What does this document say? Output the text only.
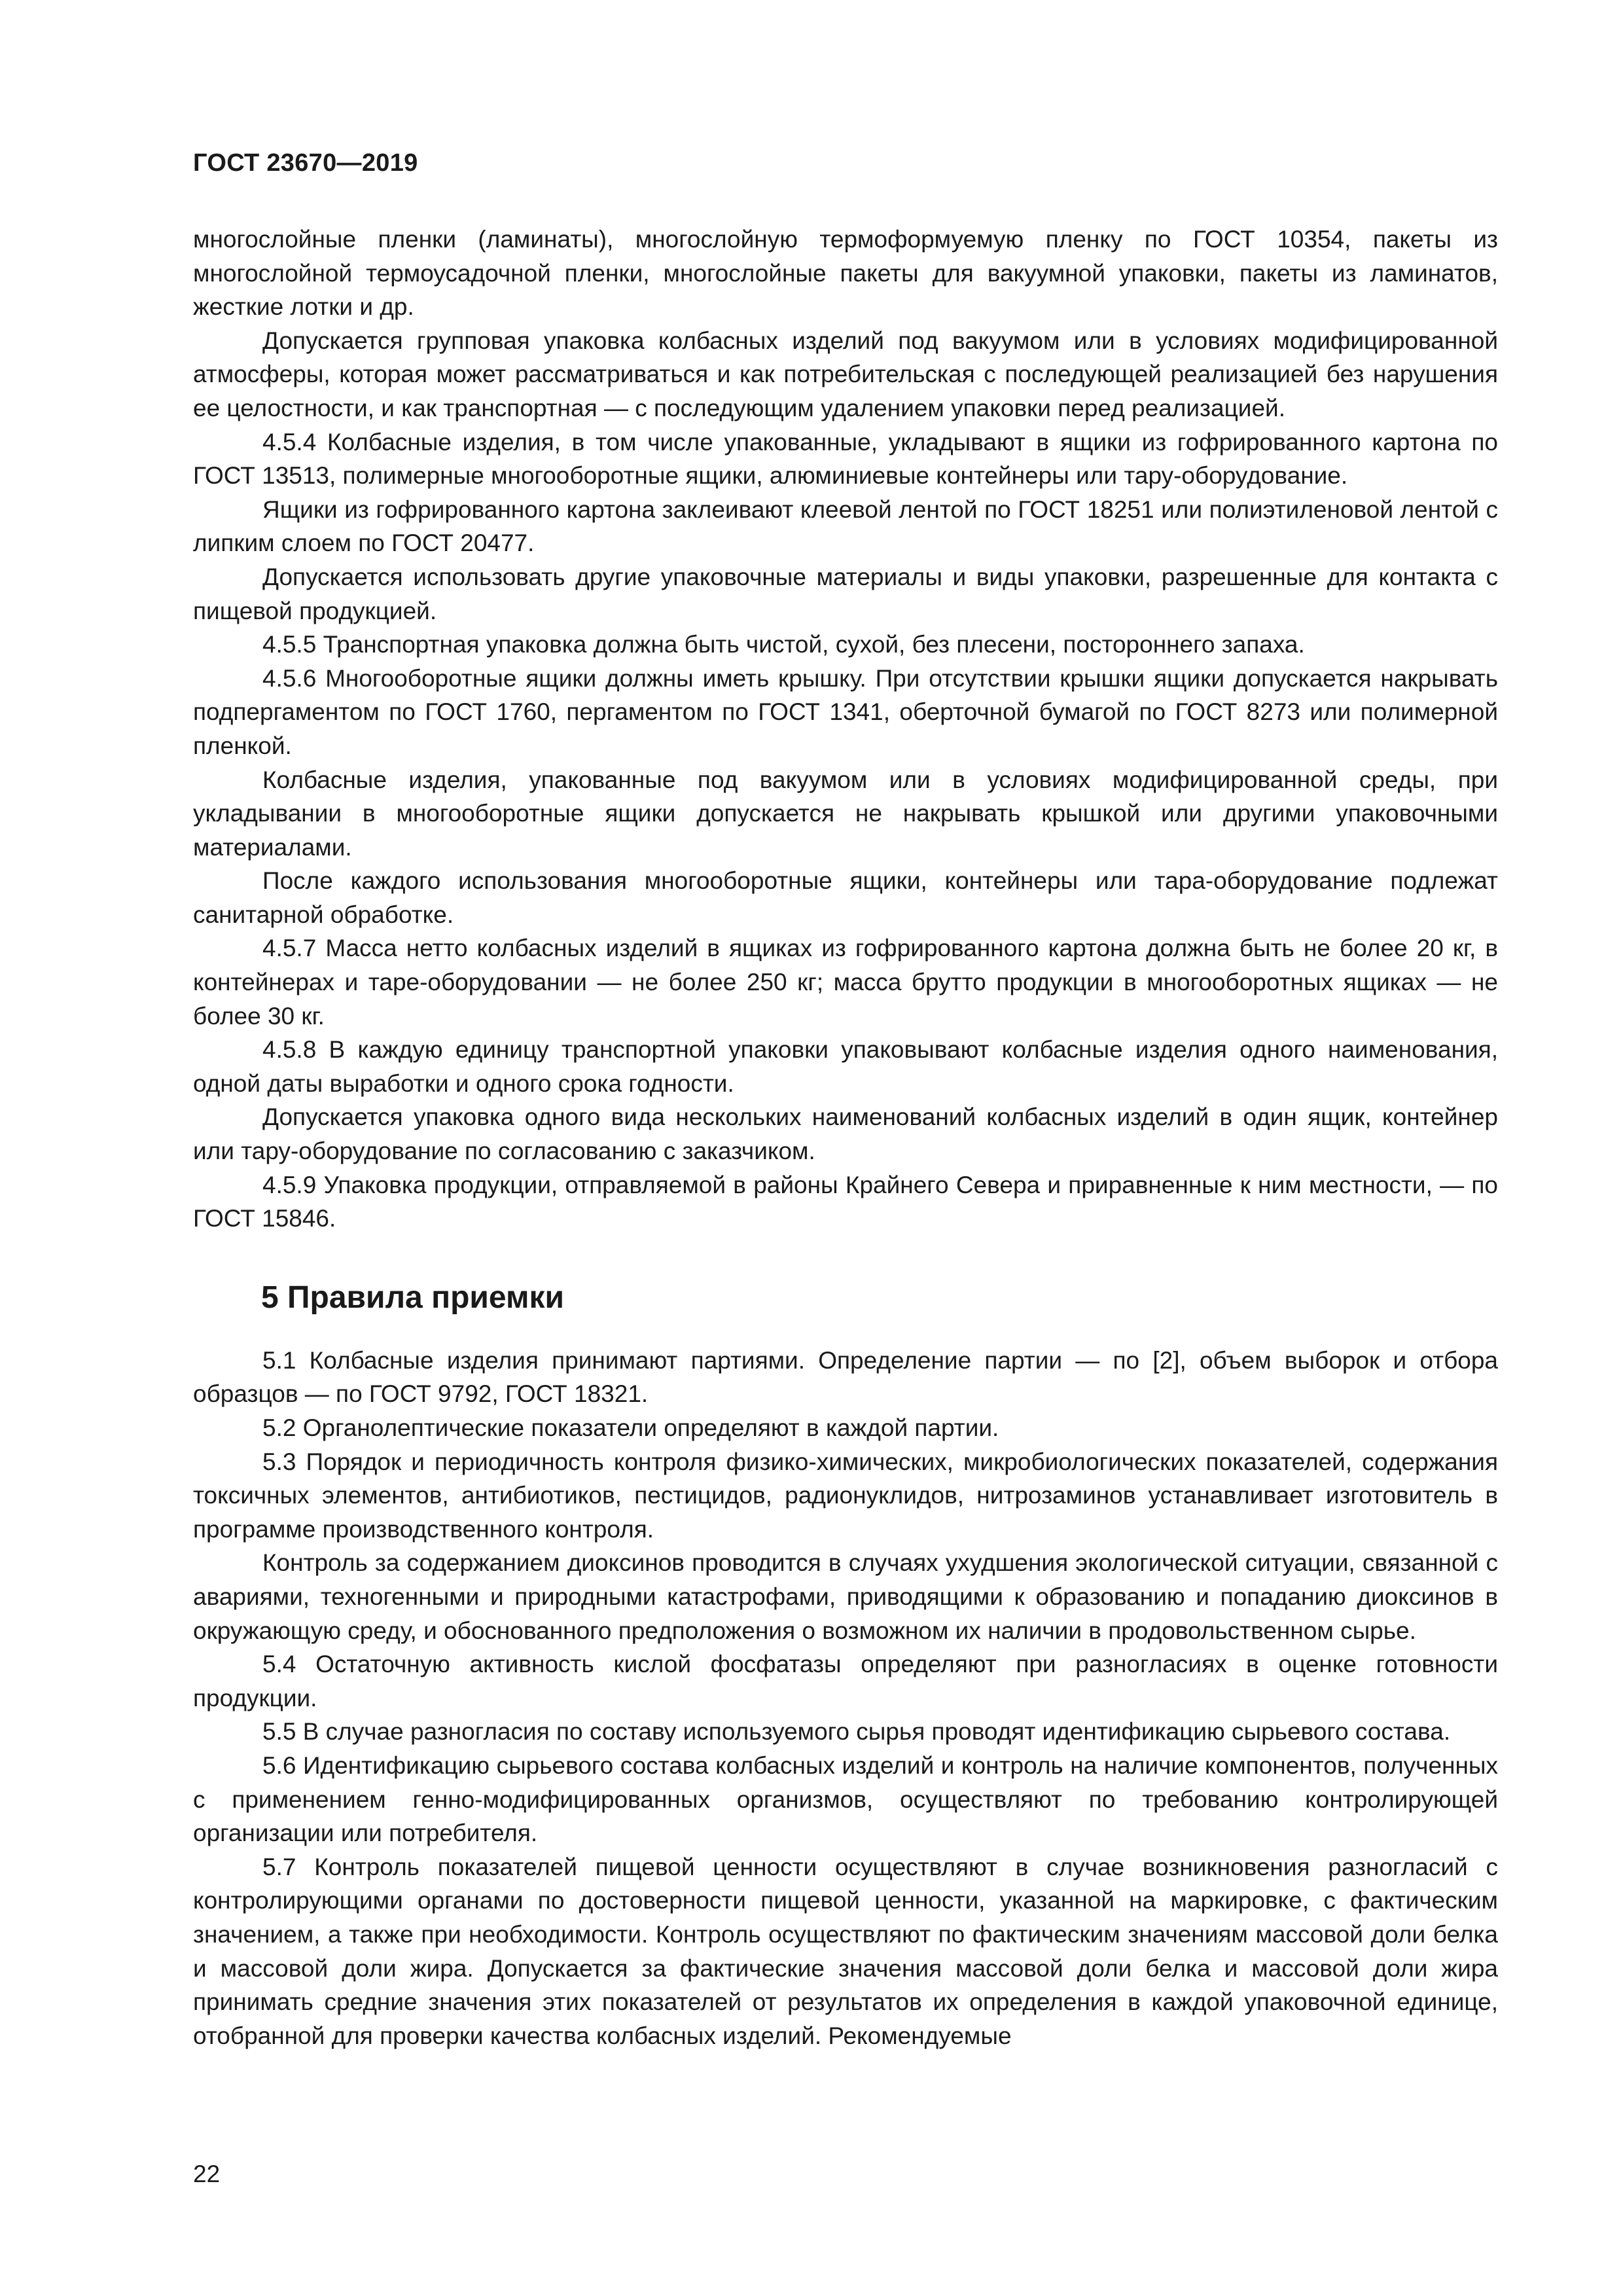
ГОСТ 23670—2019

многослойные пленки (ламинаты), многослойную термоформуемую пленку по ГОСТ 10354, пакеты из многослойной термоусадочной пленки, многослойные пакеты для вакуумной упаковки, пакеты из ламинатов, жесткие лотки и др.

Допускается групповая упаковка колбасных изделий под вакуумом или в условиях модифицированной атмосферы, которая может рассматриваться и как потребительская с последующей реализацией без нарушения ее целостности, и как транспортная — с последующим удалением упаковки перед реализацией.

4.5.4 Колбасные изделия, в том числе упакованные, укладывают в ящики из гофрированного картона по ГОСТ 13513, полимерные многооборотные ящики, алюминиевые контейнеры или тару-оборудование.

Ящики из гофрированного картона заклеивают клеевой лентой по ГОСТ 18251 или полиэтиленовой лентой с липким слоем по ГОСТ 20477.

Допускается использовать другие упаковочные материалы и виды упаковки, разрешенные для контакта с пищевой продукцией.

4.5.5 Транспортная упаковка должна быть чистой, сухой, без плесени, постороннего запаха.

4.5.6 Многооборотные ящики должны иметь крышку. При отсутствии крышки ящики допускается накрывать подпергаментом по ГОСТ 1760, пергаментом по ГОСТ 1341, оберточной бумагой по ГОСТ 8273 или полимерной пленкой.

Колбасные изделия, упакованные под вакуумом или в условиях модифицированной среды, при укладывании в многооборотные ящики допускается не накрывать крышкой или другими упаковочными материалами.

После каждого использования многооборотные ящики, контейнеры или тара-оборудование подлежат санитарной обработке.

4.5.7 Масса нетто колбасных изделий в ящиках из гофрированного картона должна быть не более 20 кг, в контейнерах и таре-оборудовании — не более 250 кг; масса брутто продукции в многооборотных ящиках — не более 30 кг.

4.5.8 В каждую единицу транспортной упаковки упаковывают колбасные изделия одного наименования, одной даты выработки и одного срока годности.

Допускается упаковка одного вида нескольких наименований колбасных изделий в один ящик, контейнер или тару-оборудование по согласованию с заказчиком.

4.5.9 Упаковка продукции, отправляемой в районы Крайнего Севера и приравненные к ним местности, — по ГОСТ 15846.

5 Правила приемки

5.1 Колбасные изделия принимают партиями. Определение партии — по [2], объем выборок и отбора образцов — по ГОСТ 9792, ГОСТ 18321.

5.2 Органолептические показатели определяют в каждой партии.

5.3 Порядок и периодичность контроля физико-химических, микробиологических показателей, содержания токсичных элементов, антибиотиков, пестицидов, радионуклидов, нитрозаминов устанавливает изготовитель в программе производственного контроля.

Контроль за содержанием диоксинов проводится в случаях ухудшения экологической ситуации, связанной с авариями, техногенными и природными катастрофами, приводящими к образованию и попаданию диоксинов в окружающую среду, и обоснованного предположения о возможном их наличии в продовольственном сырье.

5.4 Остаточную активность кислой фосфатазы определяют при разногласиях в оценке готовности продукции.

5.5 В случае разногласия по составу используемого сырья проводят идентификацию сырьевого состава.

5.6 Идентификацию сырьевого состава колбасных изделий и контроль на наличие компонентов, полученных с применением генно-модифицированных организмов, осуществляют по требованию контролирующей организации или потребителя.

5.7 Контроль показателей пищевой ценности осуществляют в случае возникновения разногласий с контролирующими органами по достоверности пищевой ценности, указанной на маркировке, с фактическим значением, а также при необходимости. Контроль осуществляют по фактическим значениям массовой доли белка и массовой доли жира. Допускается за фактические значения массовой доли белка и массовой доли жира принимать средние значения этих показателей от результатов их определения в каждой упаковочной единице, отобранной для проверки качества колбасных изделий. Рекомендуемые

22
